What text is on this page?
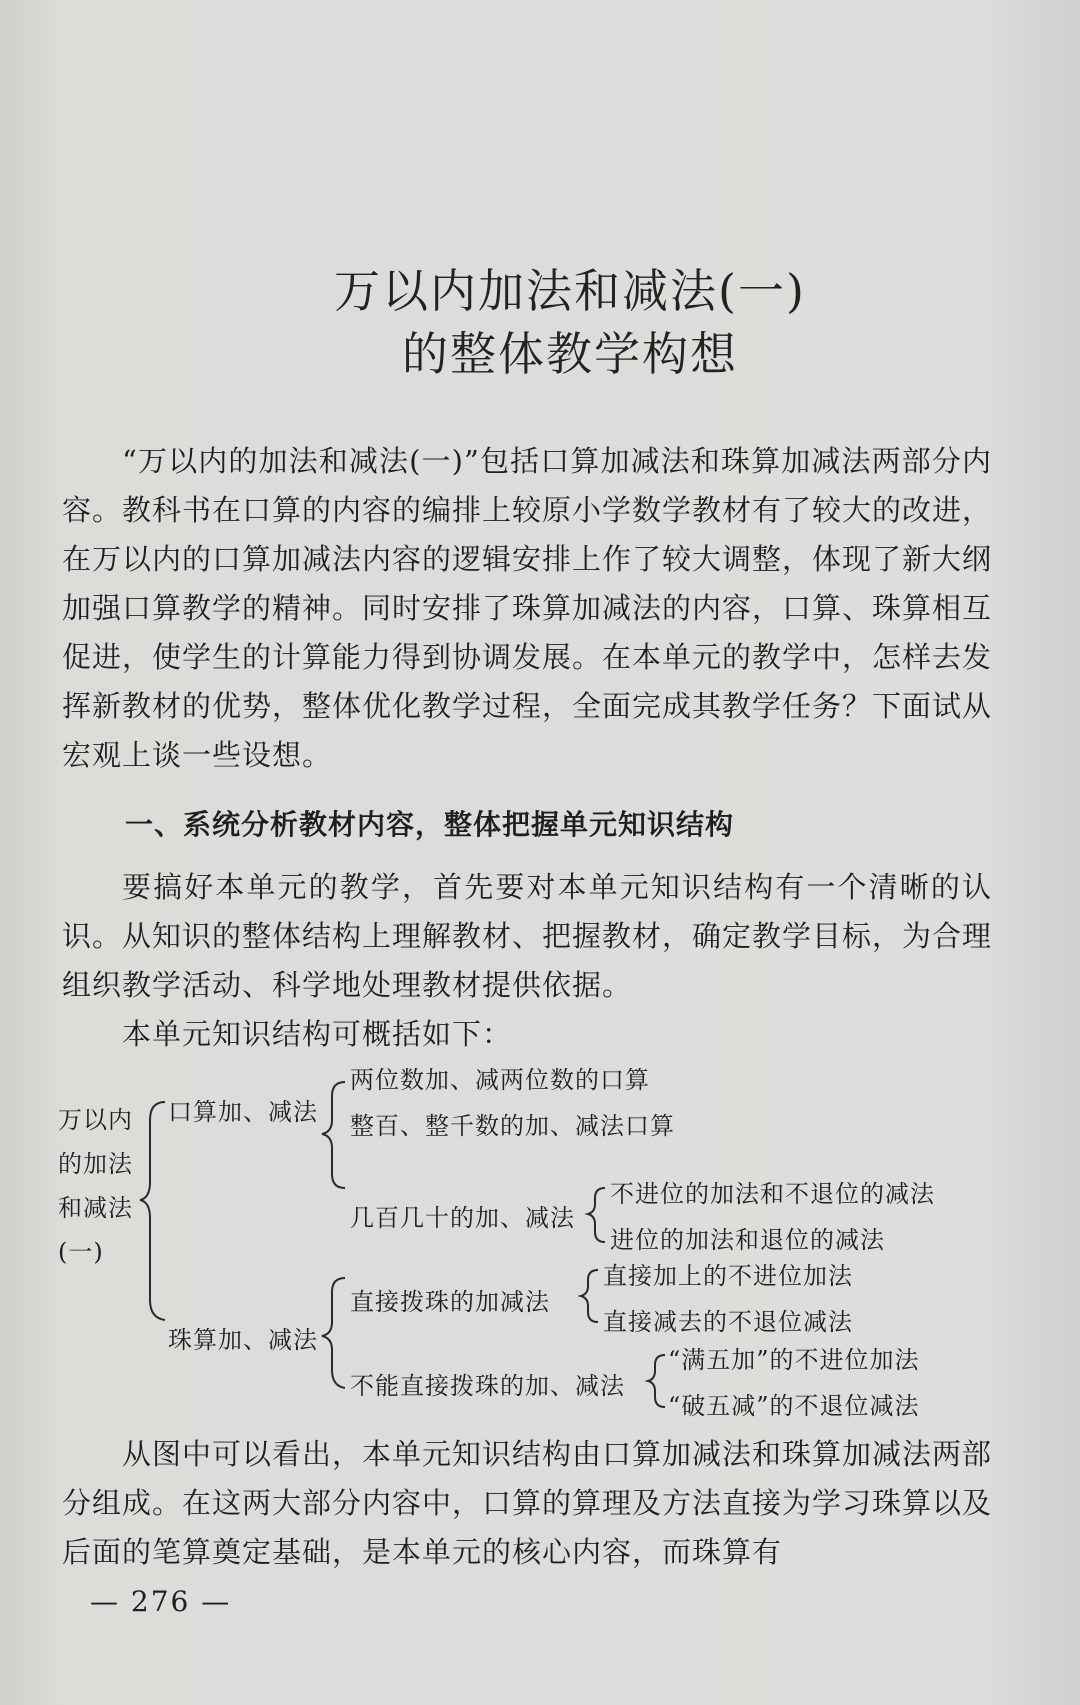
万以内加法和减法(一)
的整体教学构想

“万以内的加法和减法(一)”包括口算加减法和珠算加减法两部分内容。教科书在口算的内容的编排上较原小学数学教材有了较大的改进，在万以内的口算加减法内容的逻辑安排上作了较大调整，体现了新大纲加强口算教学的精神。同时安排了珠算加减法的内容，口算、珠算相互促进，使学生的计算能力得到协调发展。在本单元的教学中，怎样去发挥新教材的优势，整体优化教学过程，全面完成其教学任务？下面试从宏观上谈一些设想。

一、系统分析教材内容，整体把握单元知识结构

要搞好本单元的教学，首先要对本单元知识结构有一个清晰的认识。从知识的整体结构上理解教材、把握教材，确定教学目标，为合理组织教学活动、科学地处理教材提供依据。

本单元知识结构可概括如下：

万以内
的加法
和减法
(一)
口算加、减法
两位数加、减两位数的口算
整百、整千数的加、减法口算
几百几十的加、减法
不进位的加法和不退位的减法
进位的加法和退位的减法
珠算加、减法
直接拨珠的加减法
直接加上的不进位加法
直接减去的不退位减法
不能直接拨珠的加、减法
“满五加”的不进位加法
“破五减”的不退位减法

从图中可以看出，本单元知识结构由口算加减法和珠算加减法两部分组成。在这两大部分内容中，口算的算理及方法直接为学习珠算以及后面的笔算奠定基础，是本单元的核心内容，而珠算有

— 276 —
